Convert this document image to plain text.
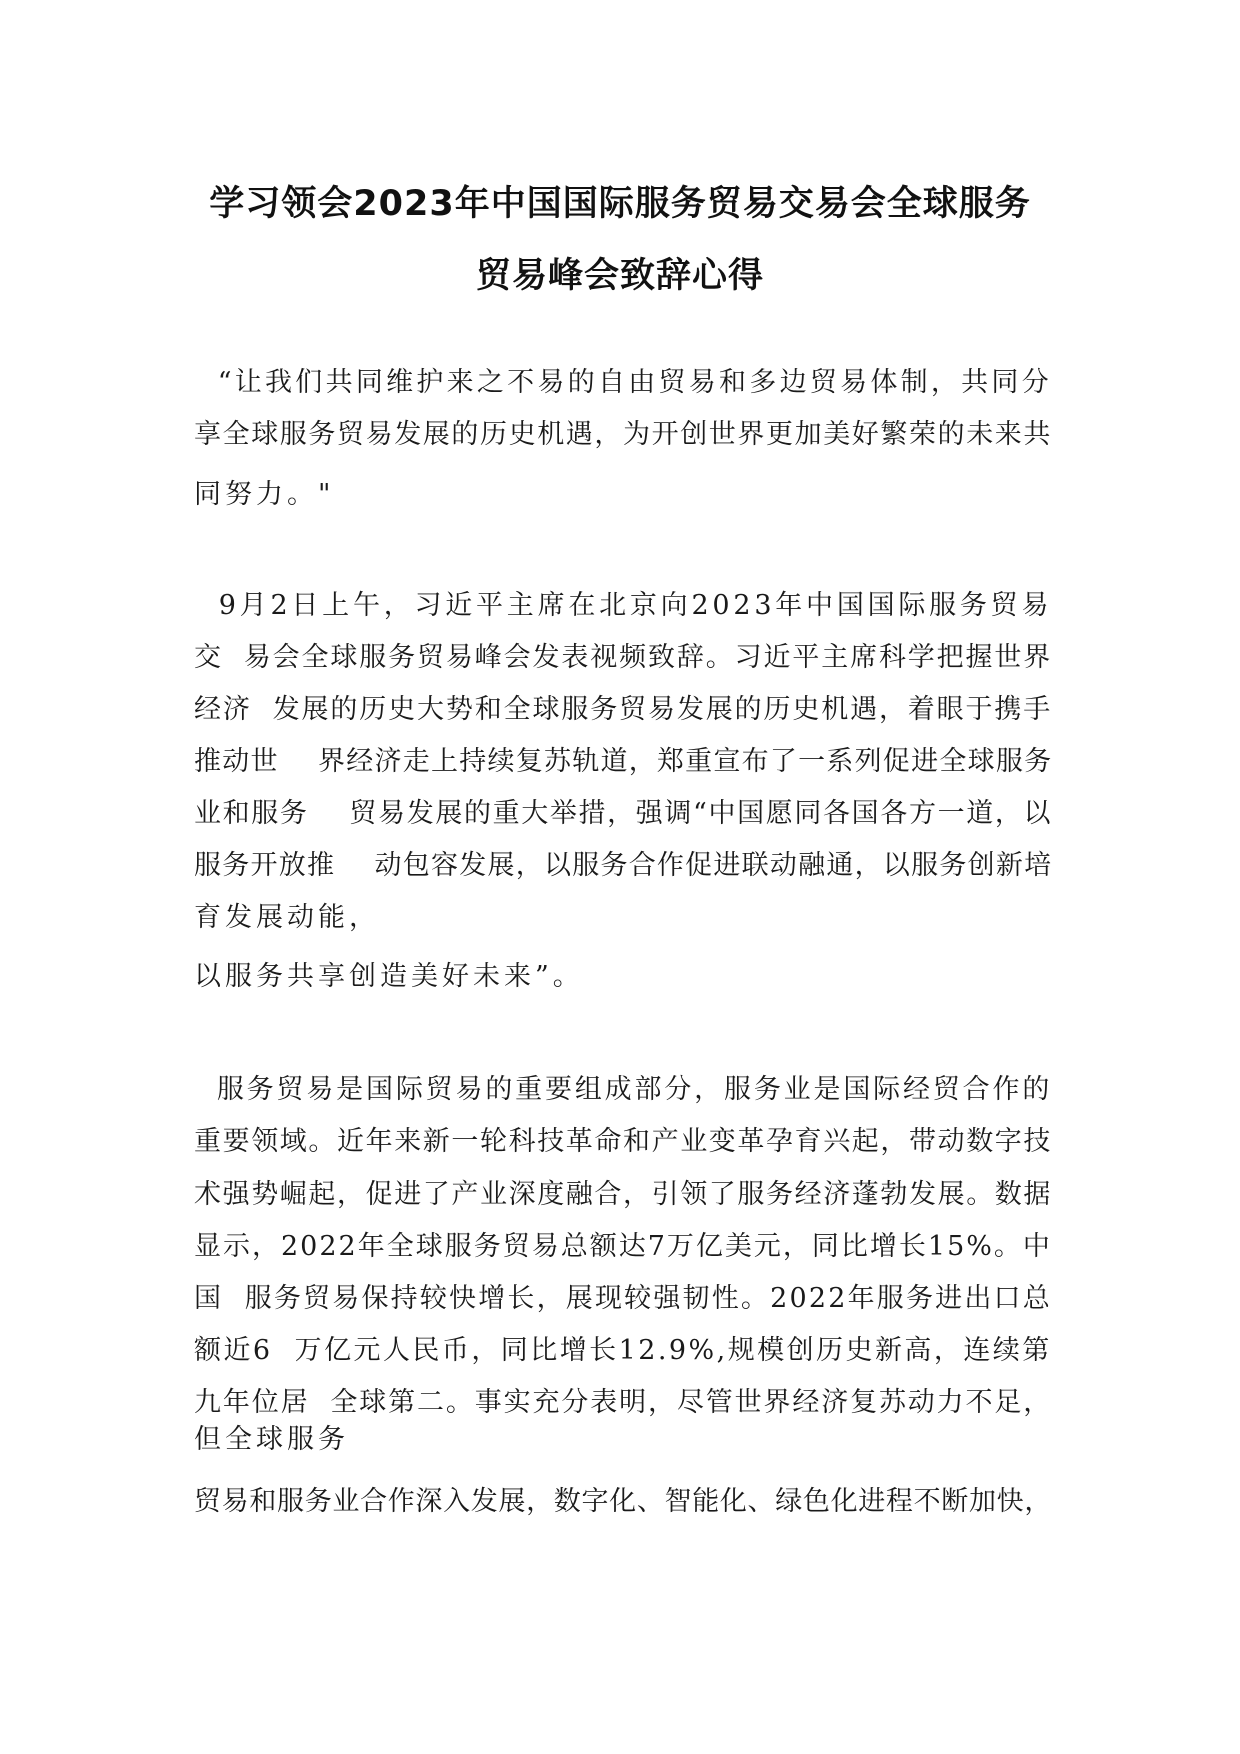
学习领会2023年中国国际服务贸易交易会全球服务
贸易峰会致辞心得
“让我们共同维护来之不易的自由贸易和多边贸易体制，共同分
享全球服务贸易发展的历史机遇，为开创世界更加美好繁荣的未来共
同努力。"
9月2日上午，习近平主席在北京向2023年中国国际服务贸易
交  易会全球服务贸易峰会发表视频致辞。习近平主席科学把握世界
经济  发展的历史大势和全球服务贸易发展的历史机遇，着眼于携手
推动世    界经济走上持续复苏轨道，郑重宣布了一系列促进全球服务
业和服务    贸易发展的重大举措，强调“中国愿同各国各方一道，以
服务开放推    动包容发展，以服务合作促进联动融通，以服务创新培
育发展动能，
以服务共享创造美好未来”。
服务贸易是国际贸易的重要组成部分，服务业是国际经贸合作的
重要领域。近年来新一轮科技革命和产业变革孕育兴起，带动数字技
术强势崛起，促进了产业深度融合，引领了服务经济蓬勃发展。数据
显示，2022年全球服务贸易总额达7万亿美元，同比增长15%。中
国  服务贸易保持较快增长，展现较强韧性。2022年服务进出口总
额近6  万亿元人民币，同比增长12.9%,规模创历史新高，连续第
九年位居  全球第二。事实充分表明，尽管世界经济复苏动力不足，
但全球服务
贸易和服务业合作深入发展，数字化、智能化、绿色化进程不断加快，
